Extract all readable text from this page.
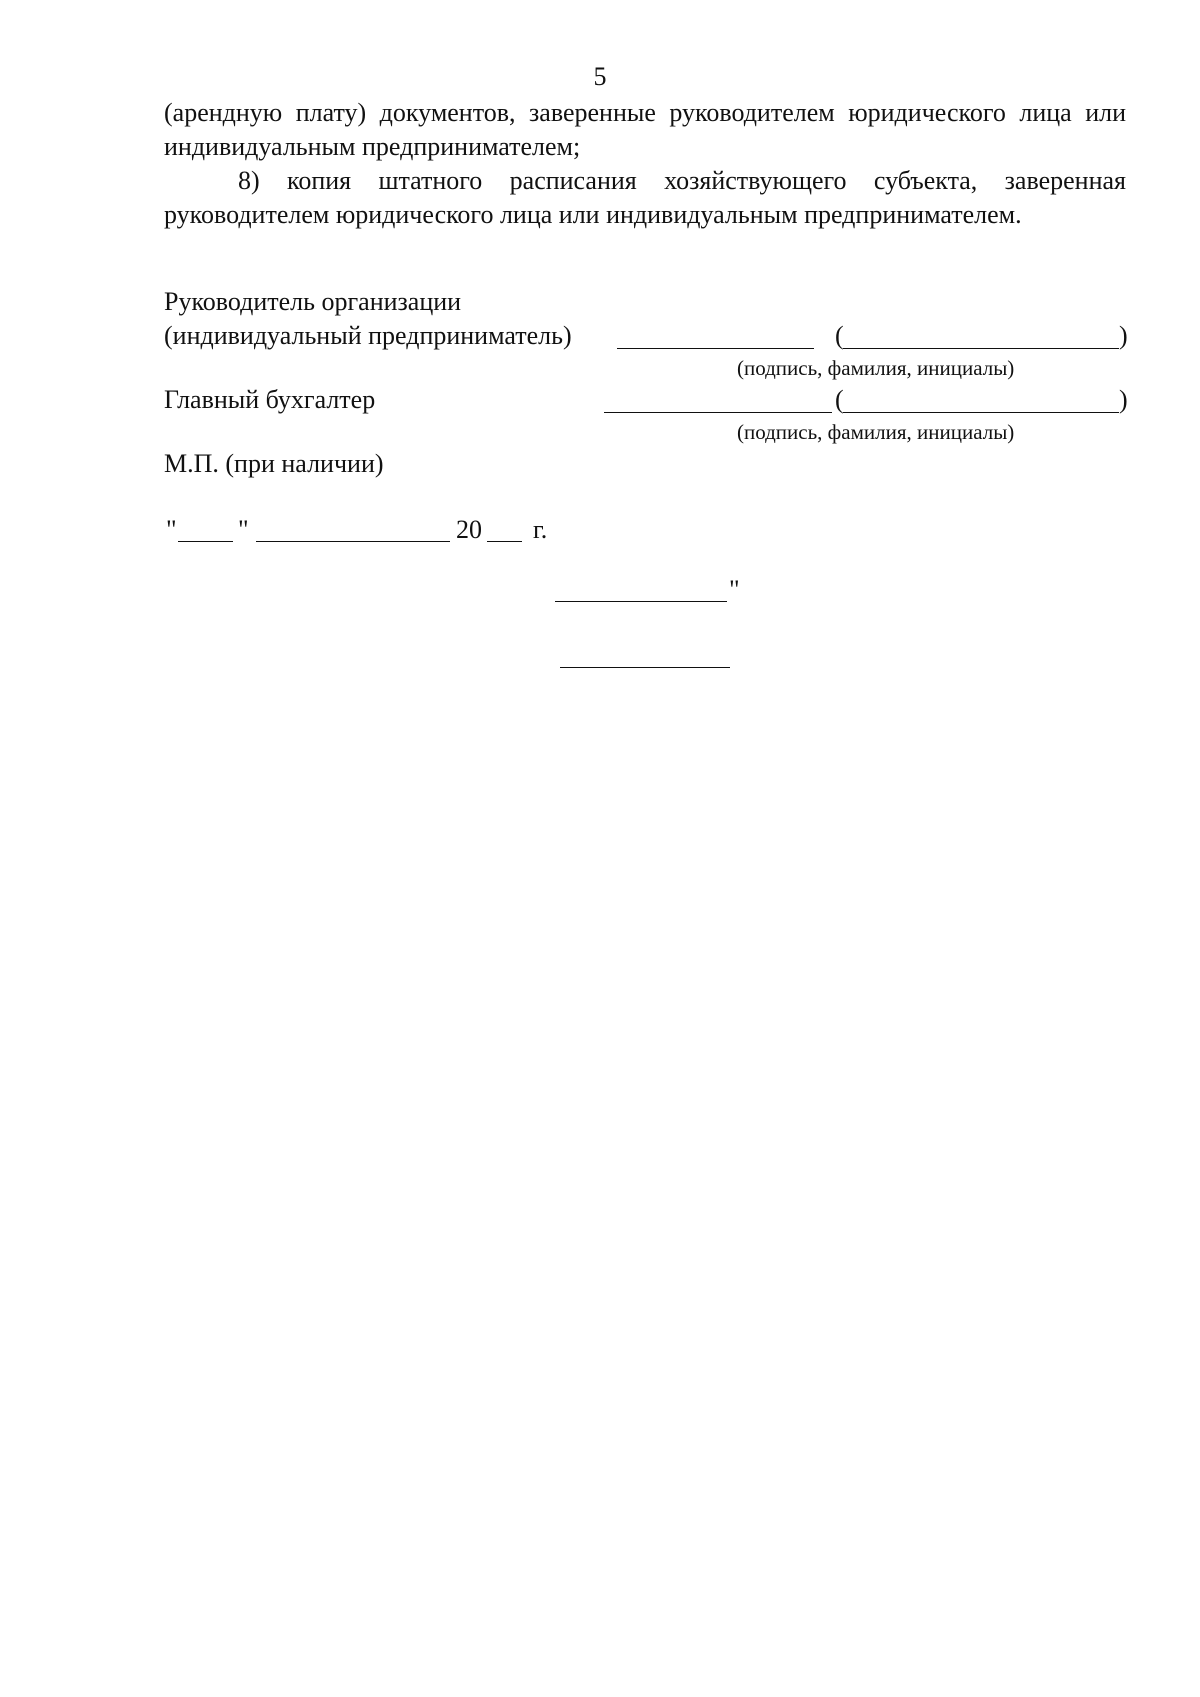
5

(арендную плату) документов, заверенные руководителем юридического лица или индивидуальным предпринимателем;

8) копия штатного расписания хозяйствующего субъекта, заверенная руководителем юридического лица или индивидуальным предпринимателем.

Руководитель организации
(индивидуальный предприниматель)	(	)
(подпись, фамилия, инициалы)
Главный бухгалтер	(	)
(подпись, фамилия, инициалы)
М.П. (при наличии)
" "	20 г.
"
